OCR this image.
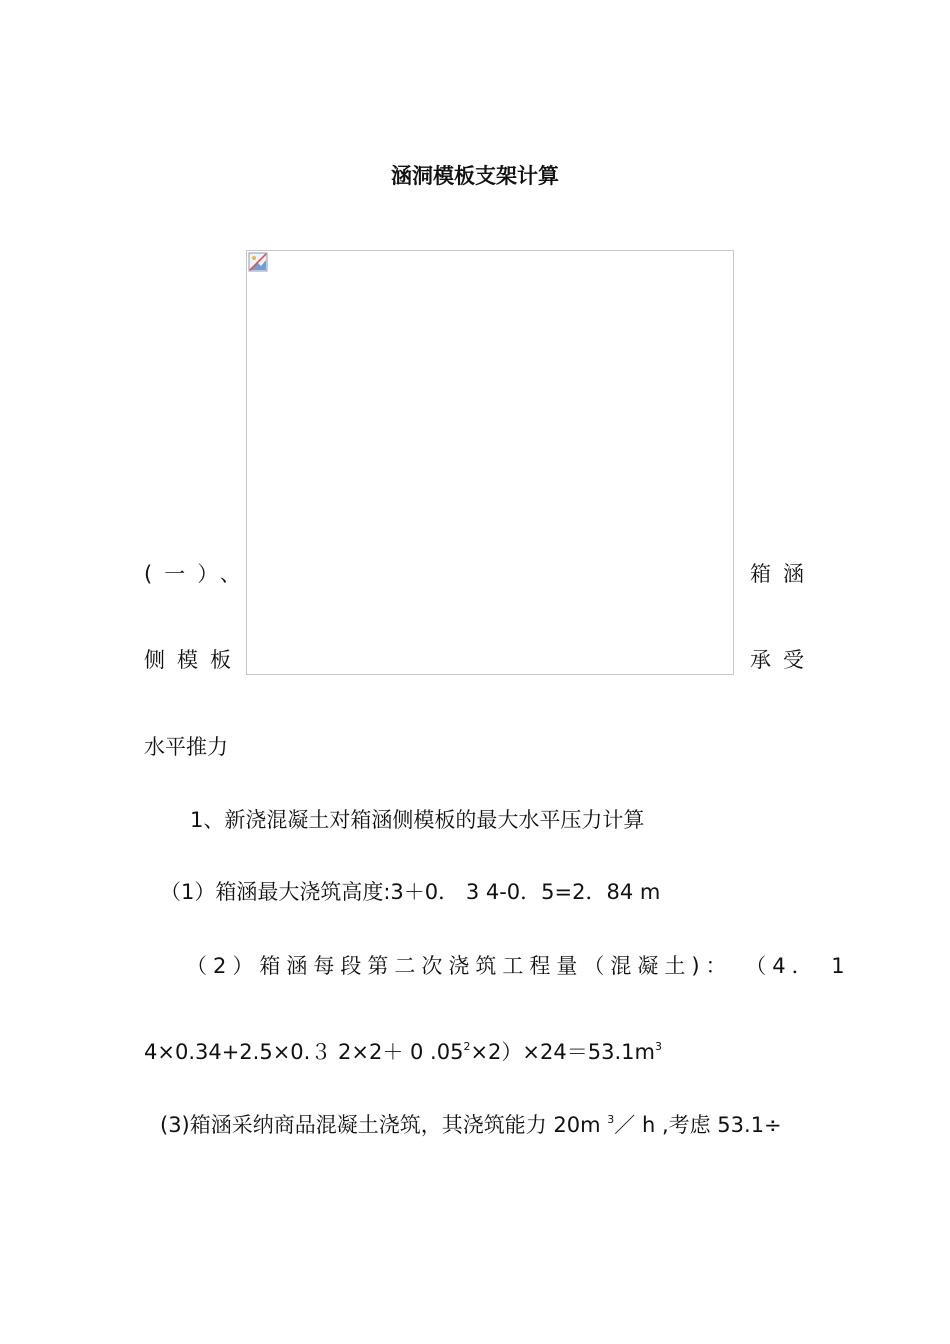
涵洞模板支架计算
(一）、	箱涵
侧模板	承受
水平推力
1、新浇混凝土对箱涵侧模板的最大水平压力计算
（1）箱涵最大浇筑高度:3＋0． 3 4-0．5=2．84 m
（2）箱涵每段第二次浇筑工程量（混凝土)： （4． 1
4×0.34+2.5×0.３ 2×2＋ 0 $.05^2\times 2)\times 24=53.1m^3$
(3)箱涵采纳商品混凝土浇筑，其浇筑能力 20m $^3$／ h ,考虑 53.1÷
